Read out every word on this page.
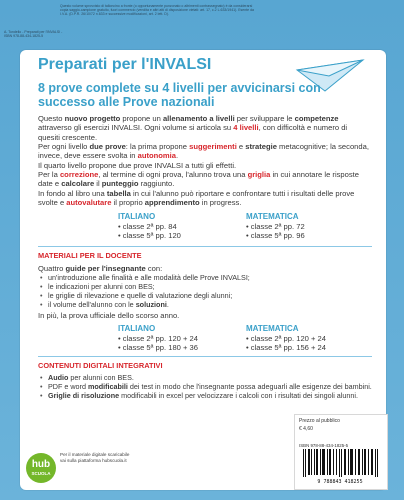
Questo volume sprovvisto di talloncino a fronte (o opportunamente punzonato o altrimenti contrassegnato) è da considerarsi copia saggio-campione gratuito, fuori commercio (vendita e altri atti di disposizione vietati: art. 17, c.2 L.633/1941). Esente da I.V.A. (D.P.R. 26/10/72 n.633 e successive modificazioni, art. 2 lett. D).
A. Tondello - Preparati per l'INVALSI - ISBN 978-88-434-1825-5
Preparati per l'INVALSI
8 prove complete su 4 livelli per avvicinarsi con successo alle Prove nazionali
Questo nuovo progetto propone un allenamento a livelli per sviluppare le competenze attraverso gli esercizi INVALSI. Ogni volume si articola su 4 livelli, con difficoltà e numero di quesiti crescente.
Per ogni livello due prove: la prima propone suggerimenti e strategie metacognitive; la seconda, invece, deve essere svolta in autonomia.
Il quarto livello propone due prove INVALSI a tutti gli effetti.
Per la correzione, al termine di ogni prova, l'alunno trova una griglia in cui annotare le risposte date e calcolare il punteggio raggiunto.
In fondo al libro una tabella in cui l'alunno può riportare e confrontare tutti i risultati delle prove svolte e autovalutare il proprio apprendimento in progress.
ITALIANO
• classe 2ª pp. 84
• classe 5ª pp. 120
MATEMATICA
• classe 2ª pp. 72
• classe 5ª pp. 96
MATERIALI PER IL DOCENTE
Quattro guide per l'insegnante con:
• un'introduzione alle finalità e alle modalità delle Prove INVALSI;
• le indicazioni per alunni con BES;
• le griglie di rilevazione e quelle di valutazione degli alunni;
• il volume dell'alunno con le soluzioni.
In più, la prova ufficiale dello scorso anno.
ITALIANO
• classe 2ª pp. 120 + 24
• classe 5ª pp. 180 + 36
MATEMATICA
• classe 2ª pp. 120 + 24
• classe 5ª pp. 156 + 24
CONTENUTI DIGITALI INTEGRATIVI
• Audio per alunni con BES.
• PDF e word modificabili dei test in modo che l'insegnante possa adeguarli alle esigenze dei bambini.
• Griglie di risoluzione modificabili in excel per velocizzare i calcoli con i risultati dei singoli alunni.
hub
SCUOLA
Per il materiale digitale scaricabile vai sulla piattaforma hubscuola.it
Prezzo al pubblico
€ 4,60
ISBN 978-88-434-1825-5
9 788843 418255
